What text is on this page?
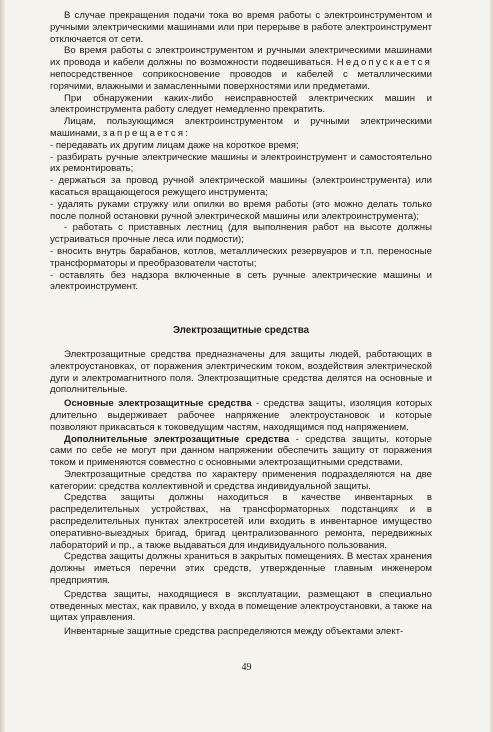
В случае прекращения подачи тока во время работы с электроинструментом и ручными электрическими машинами или при перерыве в работе электроинструмент отключается от сети.

Во время работы с электроинструментом и ручными электрическими машинами их провода и кабели должны по возможности подвешиваться. Недопускается непосредственное соприкосновение проводов и кабелей с металлическими горячими, влажными и замасленными поверхностями или предметами.

При обнаружении каких-либо неисправностей электрических машин и электроинструмента работу следует немедленно прекратить.

Лицам, пользующимся электроинструментом и ручными электрическими машинами, запрещается:

- передавать их другим лицам даже на короткое время;

- разбирать ручные электрические машины и электроинструмент и самостоятельно их ремонтировать;

- держаться за провод ручной электрической машины (электроинструмента) или касаться вращающегося режущего инструмента;

- удалять руками стружку или опилки во время работы (это можно делать только после полной остановки ручной электрической машины или электроинструмента);

- работать с приставных лестниц (для выполнения работ на высоте должны устраиваться прочные леса или подмости);

- вносить внутрь барабанов, котлов, металлических резервуаров и т.п. переносные трансформаторы и преобразователи частоты;

- оставлять без надзора включенные в сеть ручные электрические машины и электроинструмент.

Электрозащитные средства

Электрозащитные средства предназначены для защиты людей, работающих в электроустановках, от поражения электрическим током, воздействия электрической дуги и электромагнитного поля. Электрозащитные средства делятся на основные и дополнительные.

Основные электрозащитные средства - средства защиты, изоляция которых длительно выдерживает рабочее напряжение электроустановок и которые позволяют прикасаться к токоведущим частям, находящимся под напряжением.

Дополнительные электрозащитные средства - средства защиты, которые сами по себе не могут при данном напряжении обеспечить защиту от поражения током и применяются совместно с основными электрозащитными средствами.

Электрозащитные средства по характеру применения подразделяются на две категории: средства коллективной и средства индивидуальной защиты.

Средства защиты должны находиться в качестве инвентарных в распределительных устройствах, на трансформаторных подстанциях и в распределительных пунктах электросетей или входить в инвентарное имущество оперативно-выездных бригад, бригад централизованного ремонта, передвижных лабораторий и пр., а также выдаваться для индивидуального пользования.

Средства защиты должны храниться в закрытых помещениях. В местах хранения должны иметься перечни этих средств, утвержденные главным инженером предприятия.

Средства защиты, находящиеся в эксплуатации, размещают в специально отведенных местах, как правило, у входа в помещение электроустановки, а также на щитах управления.

Инвентарные защитные средства распределяются между объектами элект-

49
